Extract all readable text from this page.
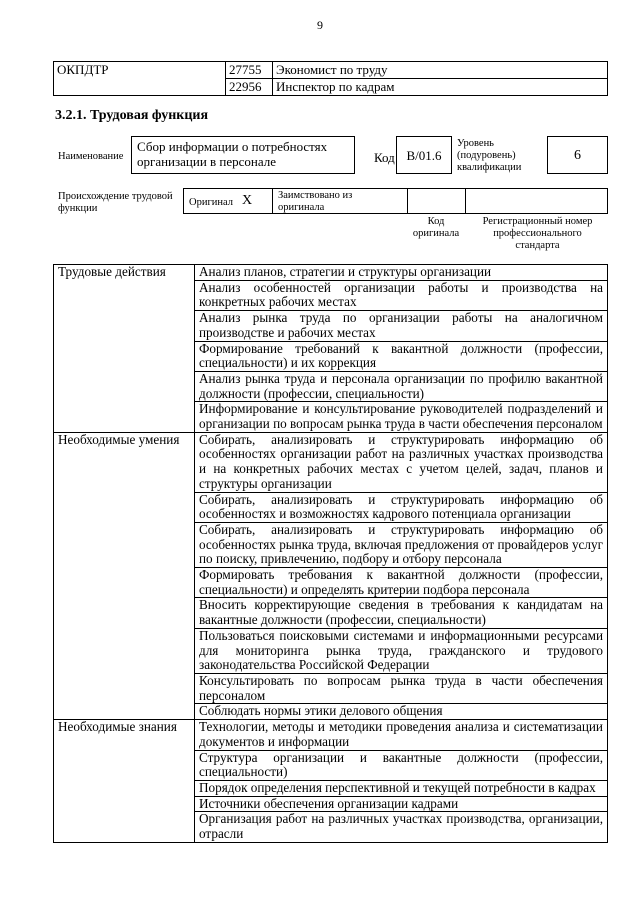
9
ОКПДТР	27755	Экономист по труду
	22956	Инспектор по кадрам
3.2.1. Трудовая функция
Наименование
Сбор информации о потребностях организации в персонале	Код B/01.6
Уровень (подуровень) квалификации
6
Происхождение трудовой функции
Оригинал X Заимствовано из оригинала
Код оригинала
Регистрационный номер профессионального стандарта
Трудовые действия	Анализ планов, стратегии и структуры организации
	Анализ особенностей организации работы и производства на конкретных рабочих местах
	Анализ рынка труда по организации работы на аналогичном производстве и рабочих местах
	Формирование требований к вакантной должности (профессии, специальности) и их коррекция
	Анализ рынка труда и персонала организации по профилю вакантной должности (профессии, специальности)
	Информирование и консультирование руководителей подразделений и организации по вопросам рынка труда в части обеспечения персоналом
Необходимые умения	Собирать, анализировать и структурировать информацию об особенностях организации работ на различных участках производства и на конкретных рабочих местах с учетом целей, задач, планов и структуры организации
	Собирать, анализировать и структурировать информацию об особенностях и возможностях кадрового потенциала организации
	Собирать, анализировать и структурировать информацию об особенностях рынка труда, включая предложения от провайдеров услуг по поиску, привлечению, подбору и отбору персонала
	Формировать требования к вакантной должности (профессии, специальности) и определять критерии подбора персонала
	Вносить корректирующие сведения в требования к кандидатам на вакантные должности (профессии, специальности)
	Пользоваться поисковыми системами и информационными ресурсами для мониторинга рынка труда, гражданского и трудового законодательства Российской Федерации
	Консультировать по вопросам рынка труда в части обеспечения персоналом
	Соблюдать нормы этики делового общения
Необходимые знания	Технологии, методы и методики проведения анализа и систематизации документов и информации
	Структура организации и вакантные должности (профессии, специальности)
	Порядок определения перспективной и текущей потребности в кадрах
	Источники обеспечения организации кадрами
	Организация работ на различных участках производства, организации, отрасли
